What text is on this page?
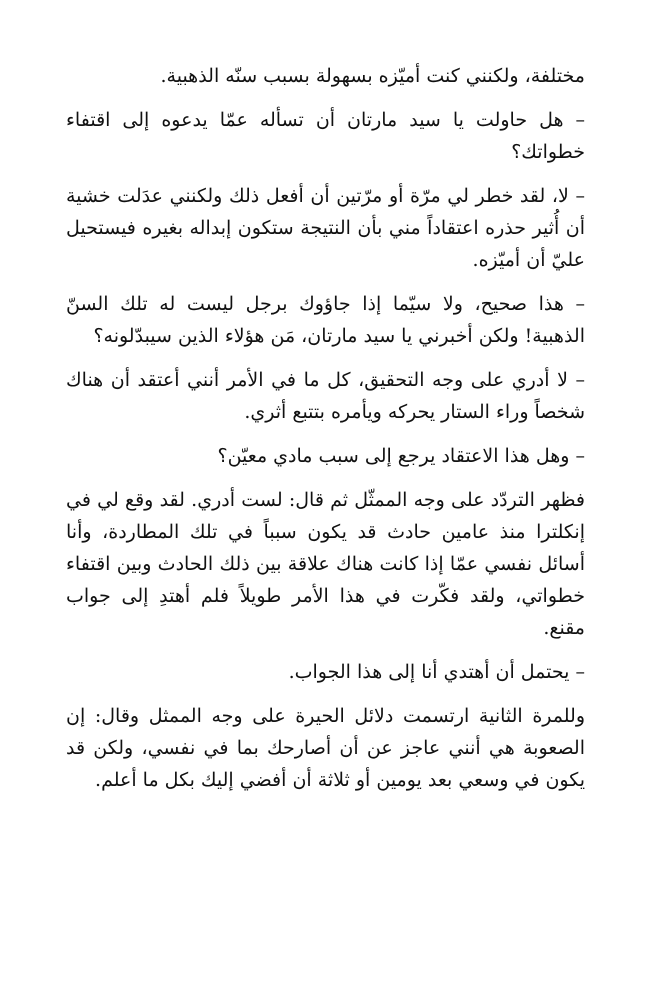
مختلفة، ولكنني كنت أميّزه بسهولة بسبب سنّه الذهبية.

– هل حاولت يا سيد مارتان أن تسأله عمّا يدعوه إلى اقتفاء خطواتك؟

– لا، لقد خطر لي مرّة أو مرّتين أن أفعل ذلك ولكنني عدَلت خشية أن أُثير حذره اعتقاداً مني بأن النتيجة ستكون إبداله بغيره فيستحيل عليّ أن أميّزه.

– هذا صحيح، ولا سيّما إذا جاؤوك برجل ليست له تلك السنّ الذهبية! ولكن أخبرني يا سيد مارتان، مَن هؤلاء الذين سيبدّلونه؟

– لا أدري على وجه التحقيق، كل ما في الأمر أنني أعتقد أن هناك شخصاً وراء الستار يحركه ويأمره بتتبع أثري.

– وهل هذا الاعتقاد يرجع إلى سبب مادي معيّن؟

فظهر التردّد على وجه الممثّل ثم قال: لست أدري. لقد وقع لي في إنكلترا منذ عامين حادث قد يكون سبباً في تلك المطاردة، وأنا أسائل نفسي عمّا إذا كانت هناك علاقة بين ذلك الحادث وبين اقتفاء خطواتي، ولقد فكّرت في هذا الأمر طويلاً فلم أهتدِ إلى جواب مقنع.

– يحتمل أن أهتدي أنا إلى هذا الجواب.

وللمرة الثانية ارتسمت دلائل الحيرة على وجه الممثل وقال: إن الصعوبة هي أنني عاجز عن أن أصارحك بما في نفسي، ولكن قد يكون في وسعي بعد يومين أو ثلاثة أن أفضي إليك بكل ما أعلم.
